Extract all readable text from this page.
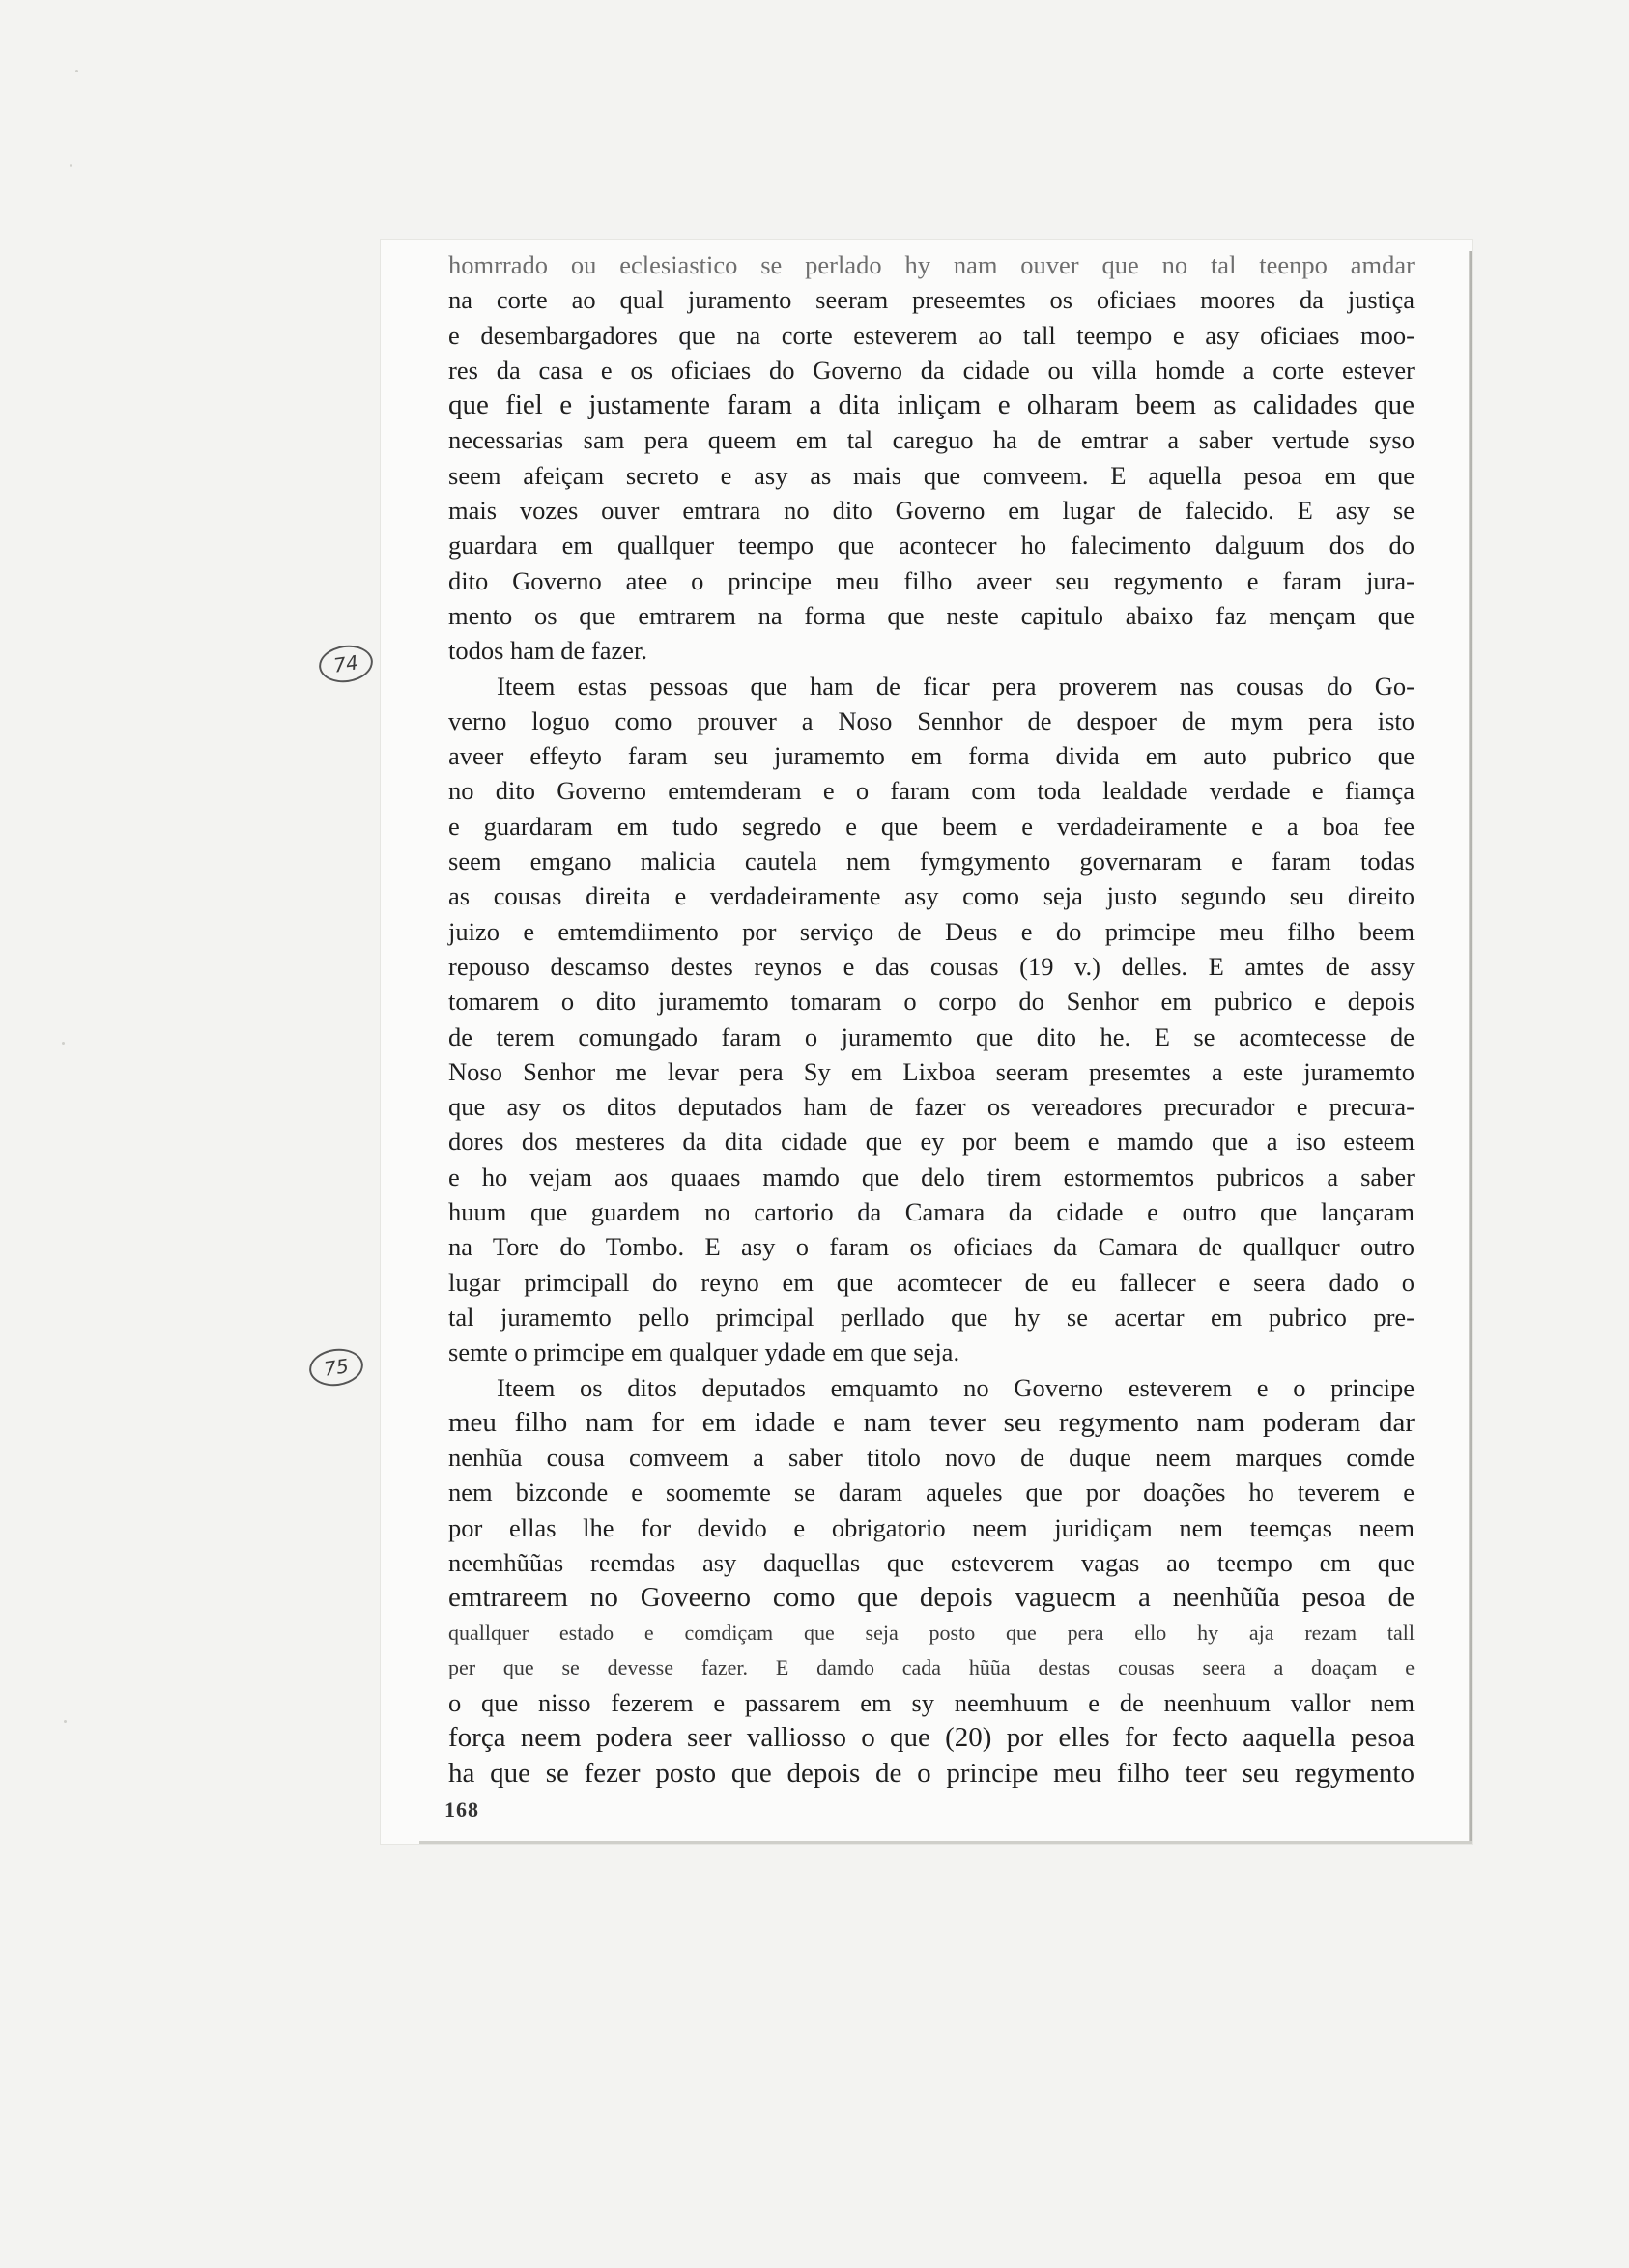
homrrado ou eclesiastico se perlado hy nam ouver que no tal teenpo amdar
na corte ao qual juramento seeram preseemtes os oficiaes moores da justiça
e desembargadores que na corte esteverem ao tall teempo e asy oficiaes moo-
res da casa e os oficiaes do Governo da cidade ou villa homde a corte estever
que fiel e justamente faram a dita inliçam e olharam beem as calidades que
necessarias sam pera queem em tal careguo ha de emtrar a saber vertude syso
seem afeiçam secreto e asy as mais que comveem. E aquella pesoa em que
mais vozes ouver emtrara no dito Governo em lugar de falecido. E asy se
guardara em quallquer teempo que acontecer ho falecimento dalguum dos do
dito Governo atee o principe meu filho aveer seu regymento e faram jura-
mento os que emtrarem na forma que neste capitulo abaixo faz mençam que
todos ham de fazer.
Iteem estas pessoas que ham de ficar pera proverem nas cousas do Go-
verno loguo como prouver a Noso Sennhor de despoer de mym pera isto
aveer effeyto faram seu juramemto em forma divida em auto pubrico que
no dito Governo emtemderam e o faram com toda lealdade verdade e fiamça
e guardaram em tudo segredo e que beem e verdadeiramente e a boa fee
seem emgano malicia cautela nem fymgymento governaram e faram todas
as cousas direita e verdadeiramente asy como seja justo segundo seu direito
juizo e emtemdiimento por serviço de Deus e do primcipe meu filho beem
repouso descamso destes reynos e das cousas (19 v.) delles. E amtes de assy
tomarem o dito juramemto tomaram o corpo do Senhor em pubrico e depois
de terem comungado faram o juramemto que dito he. E se acomtecesse de
Noso Senhor me levar pera Sy em Lixboa seeram presemtes a este juramemto
que asy os ditos deputados ham de fazer os vereadores precurador e precura-
dores dos mesteres da dita cidade que ey por beem e mamdo que a iso esteem
e ho vejam aos quaaes mamdo que delo tirem estormemtos pubricos a saber
huum que guardem no cartorio da Camara da cidade e outro que lançaram
na Tore do Tombo. E asy o faram os oficiaes da Camara de quallquer outro
lugar primcipall do reyno em que acomtecer de eu fallecer e seera dado o
tal juramemto pello primcipal perllado que hy se acertar em pubrico pre-
semte o primcipe em qualquer ydade em que seja.
Iteem os ditos deputados emquamto no Governo esteverem e o principe
meu filho nam for em idade e nam tever seu regymento nam poderam dar
nenhũa cousa comveem a saber titolo novo de duque neem marques comde
nem bizconde e soomemte se daram aqueles que por doações ho teverem e
por ellas lhe for devido e obrigatorio neem juridiçam nem teemças neem
neemhũũas reemdas asy daquellas que esteverem vagas ao teempo em que
emtrareem no Goveerno como que depois vaguecm a neenhũũa pesoa de
quallquer estado e comdiçam que seja posto que pera ello hy aja rezam tall
per que se devesse fazer. E damdo cada hũũa destas cousas seera a doaçam e
o que nisso fezerem e passarem em sy neemhuum e de neenhuum vallor nem
força neem podera seer valliosso o que (20) por elles for fecto aaquella pesoa
ha que se fezer posto que depois de o principe meu filho teer seu regymento
168
74
75
